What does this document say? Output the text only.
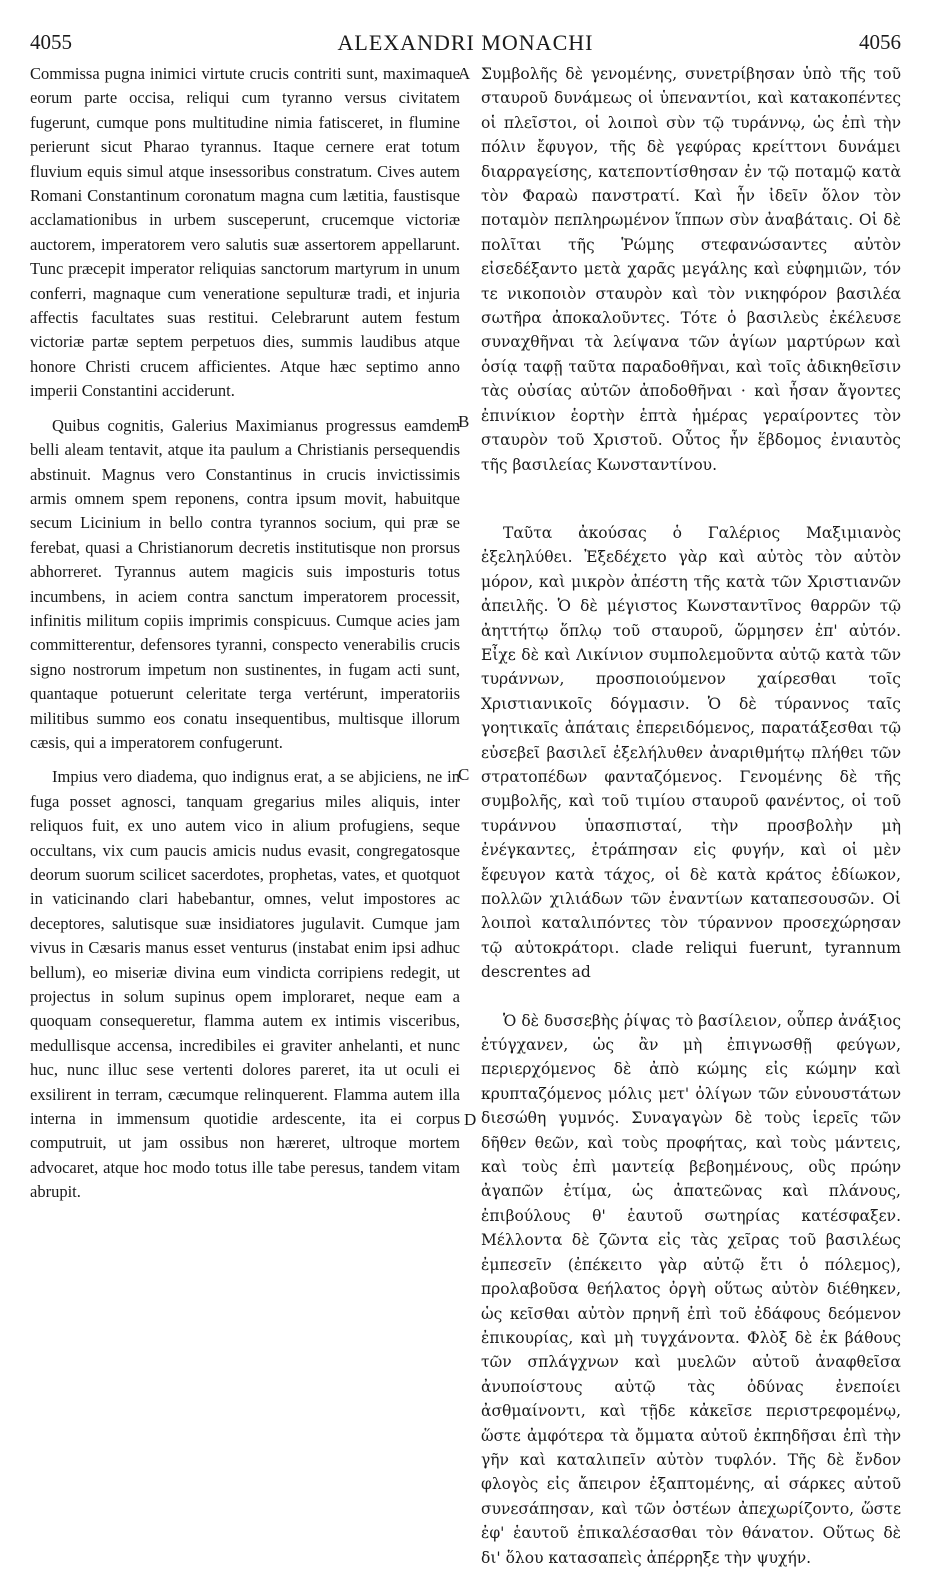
4055	ALEXANDRI MONACHI	4056

Commissa pugna inimici virtute crucis contriti sunt, maximaque eorum parte occisa, reliqui cum tyranno versus civitatem fugerunt, cumque pons multitudine nimia fatisceret, in flumine perierunt sicut Pharao tyrannus. Itaque cernere erat totum fluvium equis simul atque insessoribus constratum. Cives autem Romani Constantinum coronatum magna cum lætitia, faustisque acclamationibus in urbem susceperunt, crucemque victoriæ auctorem, imperatorem vero salutis suæ assertorem appellarunt. Tunc præcepit imperator reliquias sanctorum martyrum in unum conferri, magnaque cum veneratione sepulturæ tradi, et injuria affectis facultates suas restitui. Celebrarunt autem festum victoriæ partæ septem perpetuos dies, summis laudibus atque honore Christi crucem afficientes. Atque hæc septimo anno imperii Constantini acciderunt.

Quibus cognitis, Galerius Maximianus progressus eamdem belli aleam tentavit, atque ita paulum a Christianis persequendis abstinuit. Magnus vero Constantinus in crucis invictissimis armis omnem spem reponens, contra ipsum movit, habuitque secum Licinium in bello contra tyrannos socium, qui præ se ferebat, quasi a Christianorum decretis institutisque non prorsus abhorreret. Tyrannus autem magicis suis imposturis totus incumbens, in aciem contra sanctum imperatorem processit, infinitis militum copiis imprimis conspicuus. Cumque acies jam committerentur, defensores tyranni, conspecto venerabilis crucis signo nostrorum impetum non sustinentes, in fugam acti sunt, quantaque potuerunt celeritate terga vertérunt, imperatoriis militibus summo eos conatu insequentibus, multisque illorum cæsis, qui a imperatorem confugerunt.

Impius vero diadema, quo indignus erat, a se abjiciens, ne in fuga posset agnosci, tanquam gregarius miles aliquis, inter reliquos fuit, ex uno autem vico in alium profugiens, seque occultans, vix cum paucis amicis nudus evasit, congregatosque deorum suorum scilicet sacerdotes, prophetas, vates, et quotquot in vaticinando clari habebantur, omnes, velut impostores ac deceptores, salutisque suæ insidiatores jugulavit. Cumque jam vivus in Cæsaris manus esset venturus (instabat enim ipsi adhuc bellum), eo miseriæ divina eum vindicta corripiens redegit, ut projectus in solum supinus opem imploraret, neque eam a quoquam consequeretur, flamma autem ex intimis visceribus, medullisque accensa, incredibiles ei graviter anhelanti, et nunc huc, nunc illuc sese vertenti dolores pareret, ita ut oculi ei exsilirent in terram, cæcumque relinquerent. Flamma autem illa interna in immensum quotidie ardescente, ita ei corpus computruit, ut jam ossibus non hæreret, ultroque mortem advocaret, atque hoc modo totus ille tabe peresus, tandem vitam abrupit.

Συμβολῆς δὲ γενομένης, συνετρίβησαν ὑπὸ τῆς τοῦ σταυροῦ δυνάμεως οἱ ὑπεναντίοι, καὶ κατακοπέντες οἱ πλεῖστοι, οἱ λοιποὶ σὺν τῷ τυράννῳ, ὡς ἐπὶ τὴν πόλιν ἔφυγον, τῆς δὲ γεφύρας κρείττονι δυνάμει διαρραγείσης, κατεποντίσθησαν ἐν τῷ ποταμῷ κατὰ τὸν Φαραὼ πανστρατί. Καὶ ἦν ἰδεῖν ὅλον τὸν ποταμὸν πεπληρωμένον ἵππων σὺν ἀναβάταις. Οἱ δὲ πολῖται τῆς Ῥώμης στεφανώσαντες αὐτὸν εἰσεδέξαντο μετὰ χαρᾶς μεγάλης καὶ εὐφημιῶν, τόν τε νικοποιὸν σταυρὸν καὶ τὸν νικηφόρον βασιλέα σωτῆρα ἀποκαλοῦντες. Τότε ὁ βασιλεὺς ἐκέλευσε συναχθῆναι τὰ λείψανα τῶν ἁγίων μαρτύρων καὶ ὁσίᾳ ταφῇ ταῦτα παραδοθῆναι, καὶ τοῖς ἀδικηθεῖσιν τὰς οὐσίας αὐτῶν ἀποδοθῆναι · καὶ ἦσαν ἄγοντες ἐπινίκιον ἑορτὴν ἑπτὰ ἡμέρας γεραίροντες τὸν σταυρὸν τοῦ Χριστοῦ. Οὗτος ἦν ἕβδομος ἐνιαυτὸς τῆς βασιλείας Κωνσταντίνου.

Ταῦτα ἀκούσας ὁ Γαλέριος Μαξιμιανὸς ἐξεληλύθει. Ἐξεδέχετο γὰρ καὶ αὐτὸς τὸν αὐτὸν μόρον, καὶ μικρὸν ἀπέστη τῆς κατὰ τῶν Χριστιανῶν ἀπειλῆς. Ὁ δὲ μέγιστος Κωνσταντῖνος θαρρῶν τῷ ἀηττήτῳ ὅπλῳ τοῦ σταυροῦ, ὥρμησεν ἐπ' αὐτόν. Εἶχε δὲ καὶ Λικίνιον συμπολεμοῦντα αὐτῷ κατὰ τῶν τυράννων, προσποιούμενον χαίρεσθαι τοῖς Χριστιανικοῖς δόγμασιν. Ὁ δὲ τύραννος ταῖς γοητικαῖς ἀπάταις ἐπερειδόμενος, παρατάξεσθαι τῷ εὐσεβεῖ βασιλεῖ ἐξελήλυθεν ἀναριθμήτῳ πλήθει τῶν στρατοπέδων φανταζόμενος. Γενομένης δὲ τῆς συμβολῆς, καὶ τοῦ τιμίου σταυροῦ φανέντος, οἱ τοῦ τυράννου ὑπασπισταί, τὴν προσβολὴν μὴ ἐνέγκαντες, ἐτράπησαν εἰς φυγήν, καὶ οἱ μὲν ἔφευγον κατὰ τάχος, οἱ δὲ κατὰ κράτος ἐδίωκον, πολλῶν χιλιάδων τῶν ἐναντίων καταπεσουσῶν. Οἱ λοιποὶ καταλιπόντες τὸν τύραννον προσεχώρησαν τῷ αὐτοκράτορι. clade reliqui fuerunt, tyrannum descrentes ad

Ὁ δὲ δυσσεβὴς ῥίψας τὸ βασίλειον, οὗπερ ἀνάξιος ἐτύγχανεν, ὡς ἂν μὴ ἐπιγνωσθῇ φεύγων, περιερχόμενος δὲ ἀπὸ κώμης εἰς κώμην καὶ κρυπταζόμενος μόλις μετ' ὀλίγων τῶν εὐνουστάτων διεσώθη γυμνός. Συναγαγὼν δὲ τοὺς ἱερεῖς τῶν δῆθεν θεῶν, καὶ τοὺς προφήτας, καὶ τοὺς μάντεις, καὶ τοὺς ἐπὶ μαντείᾳ βεβοημένους, οὓς πρώην ἀγαπῶν ἐτίμα, ὡς ἀπατεῶνας καὶ πλάνους, ἐπιβούλους θ' ἑαυτοῦ σωτηρίας κατέσφαξεν. Μέλλοντα δὲ ζῶντα εἰς τὰς χεῖρας τοῦ βασιλέως ἐμπεσεῖν (ἐπέκειτο γὰρ αὐτῷ ἔτι ὁ πόλεμος), προλαβοῦσα θεήλατος ὀργὴ οὕτως αὐτὸν διέθηκεν, ὡς κεῖσθαι αὐτὸν πρηνῆ ἐπὶ τοῦ ἐδάφους δεόμενον ἐπικουρίας, καὶ μὴ τυγχάνοντα. Φλὸξ δὲ ἐκ βάθους τῶν σπλάγχνων καὶ μυελῶν αὐτοῦ ἀναφθεῖσα ἀνυποίστους αὐτῷ τὰς ὀδύνας ἐνεποίει ἀσθμαίνοντι, καὶ τῇδε κἀκεῖσε περιστρεφομένῳ, ὥστε ἀμφότερα τὰ ὄμματα αὐτοῦ ἐκπηδῆσαι ἐπὶ τὴν γῆν καὶ καταλιπεῖν αὐτὸν τυφλόν. Τῆς δὲ ἔνδον φλογὸς εἰς ἄπειρον ἐξαπτομένης, αἱ σάρκες αὐτοῦ συνεσάπησαν, καὶ τῶν ὀστέων ἀπεχωρίζοντο, ὥστε ἐφ' ἑαυτοῦ ἐπικαλέσασθαι τὸν θάνατον. Οὕτως δὲ δι' ὅλου κατασαπεὶς ἀπέρρηξε τὴν ψυχήν.

A
B
C
D
